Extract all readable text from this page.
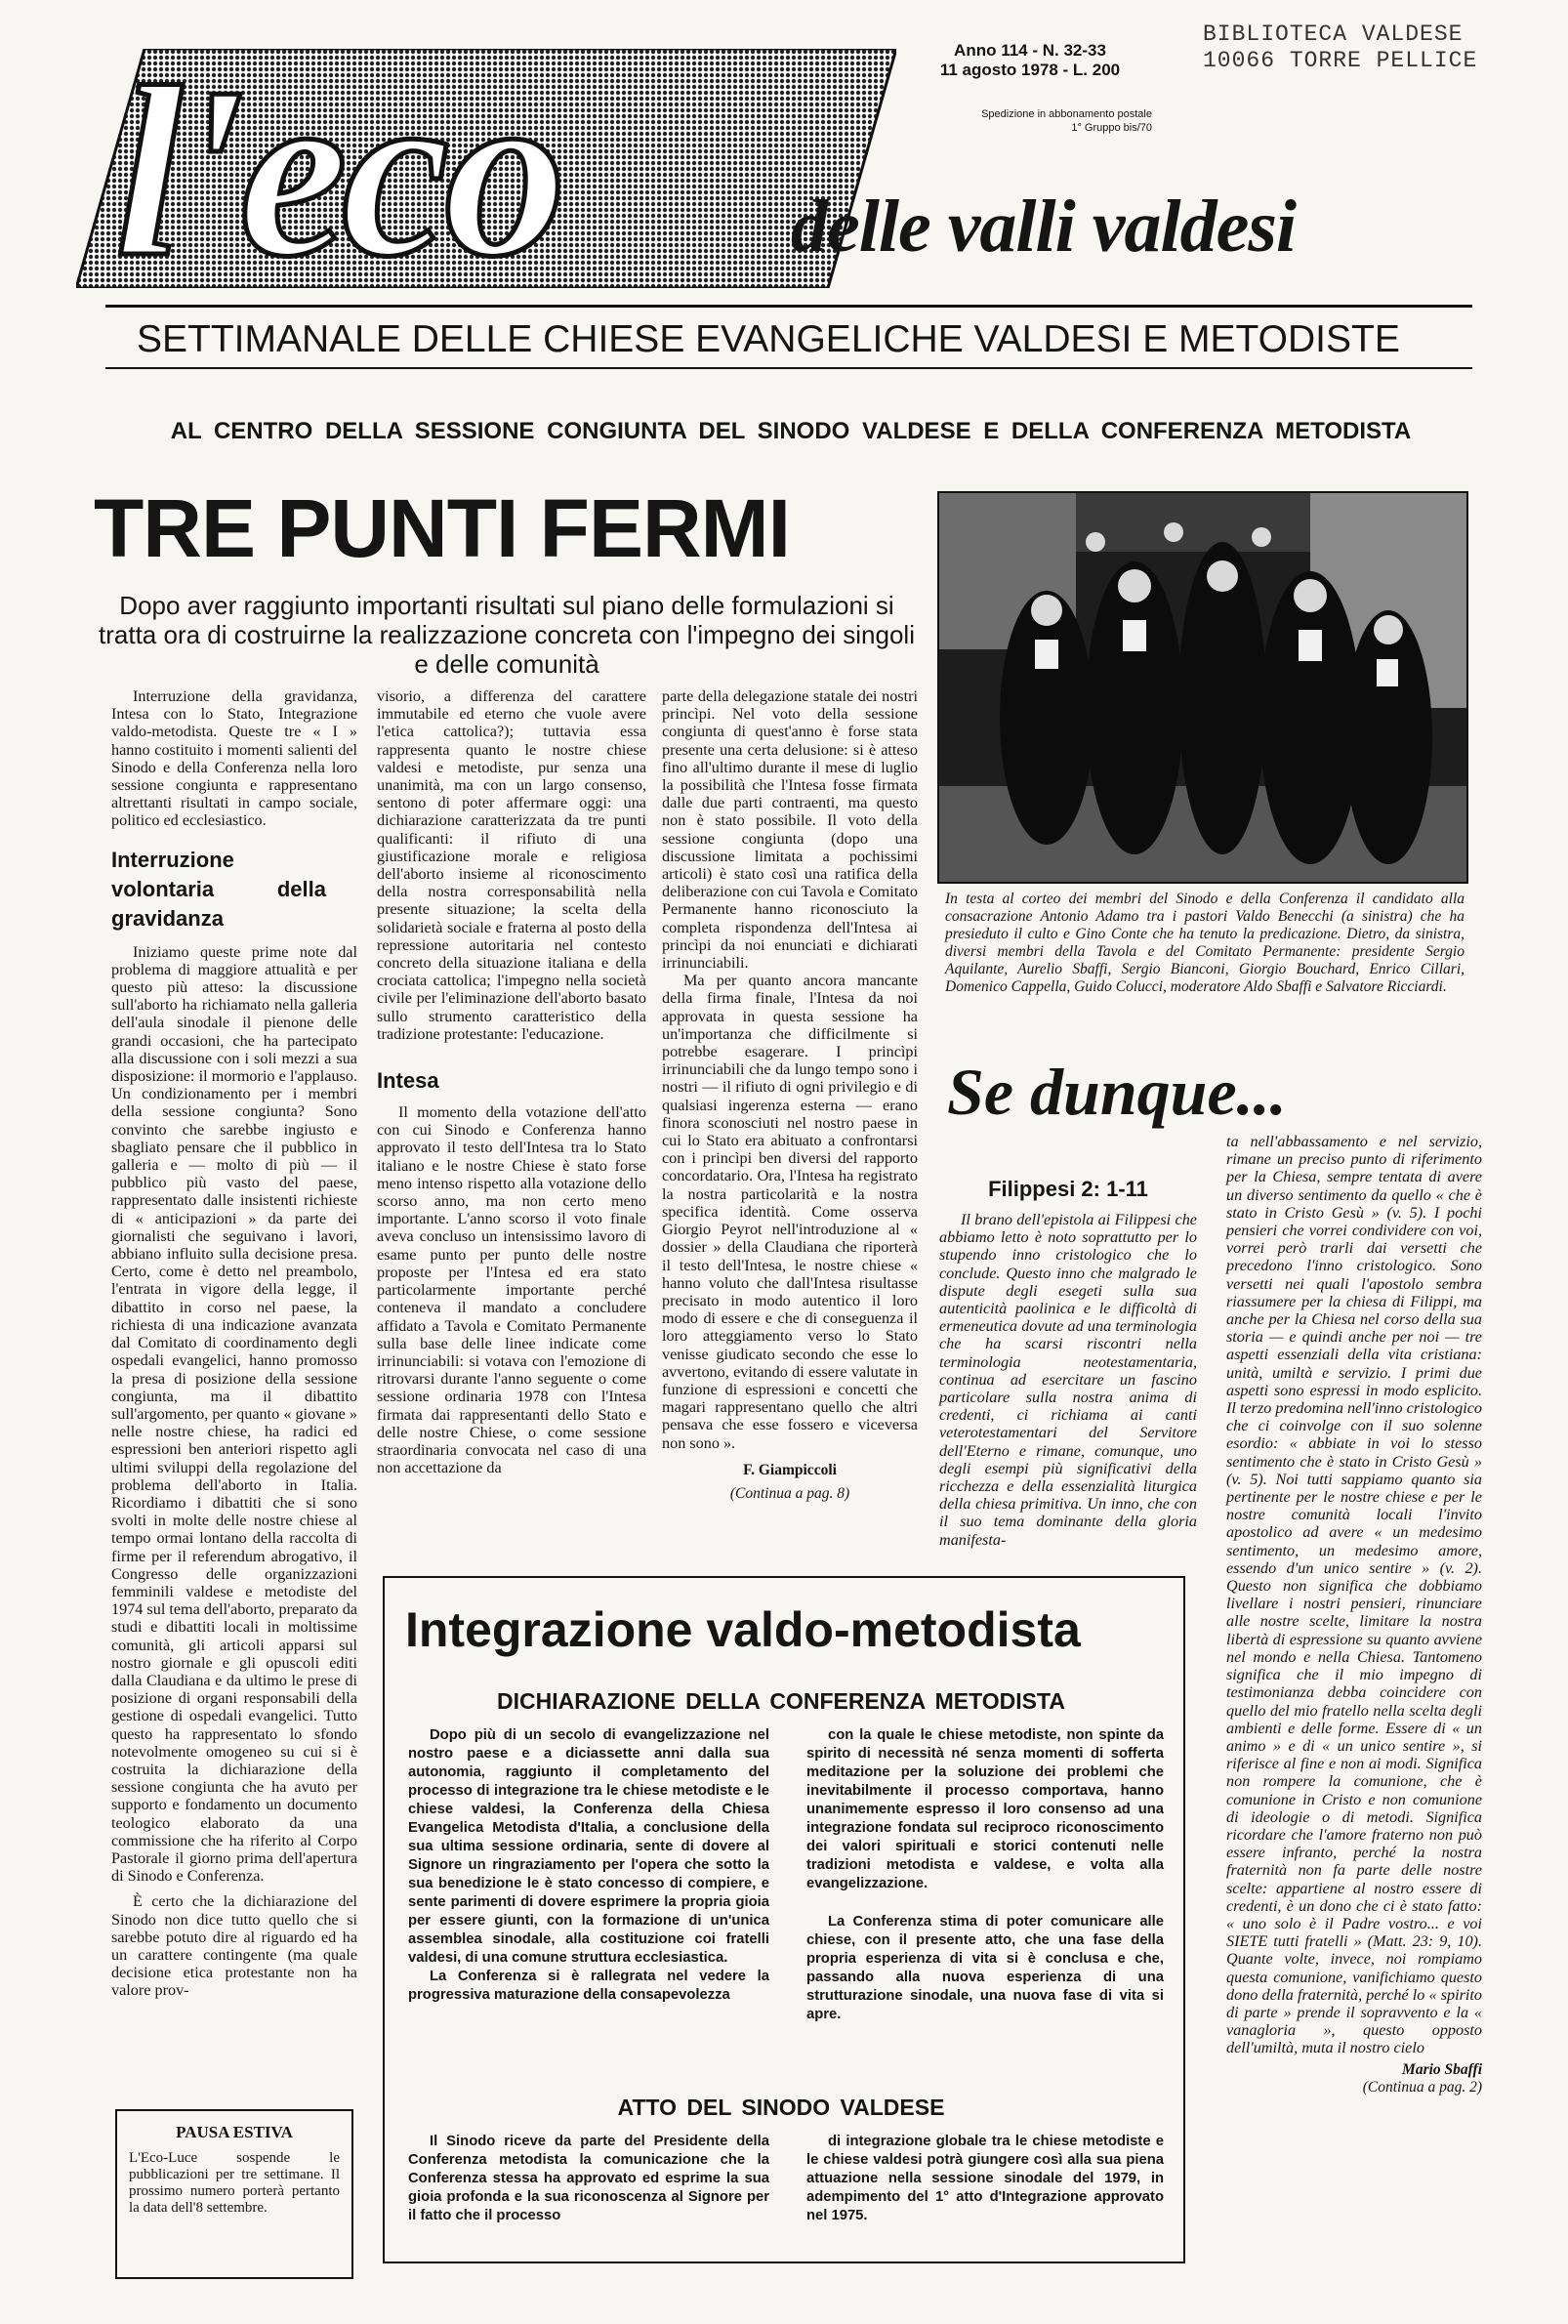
BIBLIOTECA VALDESE
10066 TORRE PELLICE
Anno 114 - N. 32-33
11 agosto 1978 - L. 200
Spedizione in abbonamento postale
1° Gruppo bis/70
l'eco	delle valli valdesi
SETTIMANALE DELLE CHIESE EVANGELICHE VALDESI E METODISTE
AL CENTRO DELLA SESSIONE CONGIUNTA DEL SINODO VALDESE E DELLA CONFERENZA METODISTA
TRE PUNTI FERMI
Dopo aver raggiunto importanti risultati sul piano delle formulazioni si tratta ora di costruirne la realizzazione concreta con l'impegno dei singoli e delle comunità

Interruzione della gravidanza, Intesa con lo Stato, Integrazione valdo-metodista. Queste tre « I » hanno costituito i momenti salienti del Sinodo e della Conferenza nella loro sessione congiunta e rappresentano altrettanti risultati in campo sociale, politico ed ecclesiastico.

Interruzione volontaria della gravidanza

Iniziamo queste prime note dal problema di maggiore attualità e per questo più atteso: la discussione sull'aborto ha richiamato nella galleria dell'aula sinodale il pienone delle grandi occasioni, che ha partecipato alla discussione con i soli mezzi a sua disposizione: il mormorio e l'applauso. Un condizionamento per i membri della sessione congiunta? Sono convinto che sarebbe ingiusto e sbagliato pensare che il pubblico in galleria e — molto di più — il pubblico più vasto del paese, rappresentato dalle insistenti richieste di « anticipazioni » da parte dei giornalisti che seguivano i lavori, abbiano influito sulla decisione presa. Certo, come è detto nel preambolo, l'entrata in vigore della legge, il dibattito in corso nel paese, la richiesta di una indicazione avanzata dal Comitato di coordinamento degli ospedali evangelici, hanno promosso la presa di posizione della sessione congiunta, ma il dibattito sull'argomento, per quanto « giovane » nelle nostre chiese, ha radici ed espressioni ben anteriori rispetto agli ultimi sviluppi della regolazione del problema dell'aborto in Italia. Ricordiamo i dibattiti che si sono svolti in molte delle nostre chiese al tempo ormai lontano della raccolta di firme per il referendum abrogativo, il Congresso delle organizzazioni femminili valdese e metodiste del 1974 sul tema dell'aborto, preparato da studi e dibattiti locali in moltissime comunità, gli articoli apparsi sul nostro giornale e gli opuscoli editi dalla Claudiana e da ultimo le prese di posizione di organi responsabili della gestione di ospedali evangelici. Tutto questo ha rappresentato lo sfondo notevolmente omogeneo su cui si è costruita la dichiarazione della sessione congiunta che ha avuto per supporto e fondamento un documento teologico elaborato da una commissione che ha riferito al Corpo Pastorale il giorno prima dell'apertura di Sinodo e Conferenza.

È certo che la dichiarazione del Sinodo non dice tutto quello che si sarebbe potuto dire al riguardo ed ha un carattere contingente (ma quale decisione etica protestante non ha valore prov-

visorio, a differenza del carattere immutabile ed eterno che vuole avere l'etica cattolica?); tuttavia essa rappresenta quanto le nostre chiese valdesi e metodiste, pur senza una unanimità, ma con un largo consenso, sentono di poter affermare oggi: una dichiarazione caratterizzata da tre punti qualificanti: il rifiuto di una giustificazione morale e religiosa dell'aborto insieme al riconoscimento della nostra corresponsabilità nella presente situazione; la scelta della solidarietà sociale e fraterna al posto della repressione autoritaria nel contesto concreto della situazione italiana e della crociata cattolica; l'impegno nella società civile per l'eliminazione dell'aborto basato sullo strumento caratteristico della tradizione protestante: l'educazione.

Intesa

Il momento della votazione dell'atto con cui Sinodo e Conferenza hanno approvato il testo dell'Intesa tra lo Stato italiano e le nostre Chiese è stato forse meno intenso rispetto alla votazione dello scorso anno, ma non certo meno importante. L'anno scorso il voto finale aveva concluso un intensissimo lavoro di esame punto per punto delle nostre proposte per l'Intesa ed era stato particolarmente importante perché conteneva il mandato a concludere affidato a Tavola e Comitato Permanente sulla base delle linee indicate come irrinunciabili: si votava con l'emozione di ritrovarsi durante l'anno seguente o come sessione ordinaria 1978 con l'Intesa firmata dai rappresentanti dello Stato e delle nostre Chiese, o come sessione straordinaria convocata nel caso di una non accettazione da

parte della delegazione statale dei nostri princìpi. Nel voto della sessione congiunta di quest'anno è forse stata presente una certa delusione: si è atteso fino all'ultimo durante il mese di luglio la possibilità che l'Intesa fosse firmata dalle due parti contraenti, ma questo non è stato possibile. Il voto della sessione congiunta (dopo una discussione limitata a pochissimi articoli) è stato così una ratifica della deliberazione con cui Tavola e Comitato Permanente hanno riconosciuto la completa rispondenza dell'Intesa ai princìpi da noi enunciati e dichiarati irrinunciabili.

Ma per quanto ancora mancante della firma finale, l'Intesa da noi approvata in questa sessione ha un'importanza che difficilmente si potrebbe esagerare. I princìpi irrinunciabili che da lungo tempo sono i nostri — il rifiuto di ogni privilegio e di qualsiasi ingerenza esterna — erano finora sconosciuti nel nostro paese in cui lo Stato era abituato a confrontarsi con i princìpi ben diversi del rapporto concordatario. Ora, l'Intesa ha registrato la nostra particolarità e la nostra specifica identità. Come osserva Giorgio Peyrot nell'introduzione al « dossier » della Claudiana che riporterà il testo dell'Intesa, le nostre chiese « hanno voluto che dall'Intesa risultasse precisato in modo autentico il loro modo di essere e che di conseguenza il loro atteggiamento verso lo Stato venisse giudicato secondo che esse lo avvertono, evitando di essere valutate in funzione di espressioni e concetti che magari rappresentano quello che altri pensava che esse fossero e viceversa non sono ».

F. Giampiccoli
(Continua a pag. 8)
In testa al corteo dei membri del Sinodo e della Conferenza il candidato alla consacrazione Antonio Adamo tra i pastori Valdo Benecchi (a sinistra) che ha presieduto il culto e Gino Conte che ha tenuto la predicazione. Dietro, da sinistra, diversi membri della Tavola e del Comitato Permanente: presidente Sergio Aquilante, Aurelio Sbaffi, Sergio Bianconi, Giorgio Bouchard, Enrico Cillari, Domenico Cappella, Guido Colucci, moderatore Aldo Sbaffi e Salvatore Ricciardi.
Se dunque...
Filippesi 2: 1-11

Il brano dell'epistola ai Filippesi che abbiamo letto è noto soprattutto per lo stupendo inno cristologico che lo conclude. Questo inno che malgrado le dispute degli esegeti sulla sua autenticità paolinica e le difficoltà di ermeneutica dovute ad una terminologia che ha scarsi riscontri nella terminologia neotestamentaria, continua ad esercitare un fascino particolare sulla nostra anima di credenti, ci richiama ai canti veterotestamentari del Servitore dell'Eterno e rimane, comunque, uno degli esempi più significativi della ricchezza e della essenzialità liturgica della chiesa primitiva. Un inno, che con il suo tema dominante della gloria manifesta-

ta nell'abbassamento e nel servizio, rimane un preciso punto di riferimento per la Chiesa, sempre tentata di avere un diverso sentimento da quello « che è stato in Cristo Gesù » (v. 5). I pochi pensieri che vorrei condividere con voi, vorrei però trarli dai versetti che precedono l'inno cristologico. Sono versetti nei quali l'apostolo sembra riassumere per la chiesa di Filippi, ma anche per la Chiesa nel corso della sua storia — e quindi anche per noi — tre aspetti essenziali della vita cristiana: unità, umiltà e servizio. I primi due aspetti sono espressi in modo esplicito. Il terzo predomina nell'inno cristologico che ci coinvolge con il suo solenne esordio: « abbiate in voi lo stesso sentimento che è stato in Cristo Gesù » (v. 5). Noi tutti sappiamo quanto sia pertinente per le nostre chiese e per le nostre comunità locali l'invito apostolico ad avere « un medesimo sentimento, un medesimo amore, essendo d'un unico sentire » (v. 2). Questo non significa che dobbiamo livellare i nostri pensieri, rinunciare alle nostre scelte, limitare la nostra libertà di espressione su quanto avviene nel mondo e nella Chiesa. Tantomeno significa che il mio impegno di testimonianza debba coincidere con quello del mio fratello nella scelta degli ambienti e delle forme. Essere di « un animo » e di « un unico sentire », si riferisce al fine e non ai modi. Significa non rompere la comunione, che è comunione in Cristo e non comunione di ideologie o di metodi. Significa ricordare che l'amore fraterno non può essere infranto, perché la nostra fraternità non fa parte delle nostre scelte: appartiene al nostro essere di credenti, è un dono che ci è stato fatto: « uno solo è il Padre vostro... e voi SIETE tutti fratelli » (Matt. 23: 9, 10). Quante volte, invece, noi rompiamo questa comunione, vanifichiamo questo dono della fraternità, perché lo « spirito di parte » prende il sopravvento e la « vanagloria », questo opposto dell'umiltà, muta il nostro cielo

Mario Sbaffi
(Continua a pag. 2)
Integrazione valdo-metodista
DICHIARAZIONE DELLA CONFERENZA METODISTA

Dopo più di un secolo di evangelizzazione nel nostro paese e a diciassette anni dalla sua autonomia, raggiunto il completamento del processo di integrazione tra le chiese metodiste e le chiese valdesi, la Conferenza della Chiesa Evangelica Metodista d'Italia, a conclusione della sua ultima sessione ordinaria, sente di dovere al Signore un ringraziamento per l'opera che sotto la sua benedizione le è stato concesso di compiere, e sente parimenti di dovere esprimere la propria gioia per essere giunti, con la formazione di un'unica assemblea sinodale, alla costituzione coi fratelli valdesi, di una comune struttura ecclesiastica.

La Conferenza si è rallegrata nel vedere la progressiva maturazione della consapevolezza

con la quale le chiese metodiste, non spinte da spirito di necessità né senza momenti di sofferta meditazione per la soluzione dei problemi che inevitabilmente il processo comportava, hanno unanimemente espresso il loro consenso ad una integrazione fondata sul reciproco riconoscimento dei valori spirituali e storici contenuti nelle tradizioni metodista e valdese, e volta alla evangelizzazione.

La Conferenza stima di poter comunicare alle chiese, con il presente atto, che una fase della propria esperienza di vita si è conclusa e che, passando alla nuova esperienza di una strutturazione sinodale, una nuova fase di vita si apre.

ATTO DEL SINODO VALDESE

Il Sinodo riceve da parte del Presidente della Conferenza metodista la comunicazione che la Conferenza stessa ha approvato ed esprime la sua gioia profonda e la sua riconoscenza al Signore per il fatto che il processo

di integrazione globale tra le chiese metodiste e le chiese valdesi potrà giungere così alla sua piena attuazione nella sessione sinodale del 1979, in adempimento del 1° atto d'Integrazione approvato nel 1975.

PAUSA ESTIVA
L'Eco-Luce sospende le pubblicazioni per tre settimane. Il prossimo numero porterà pertanto la data dell'8 settembre.
